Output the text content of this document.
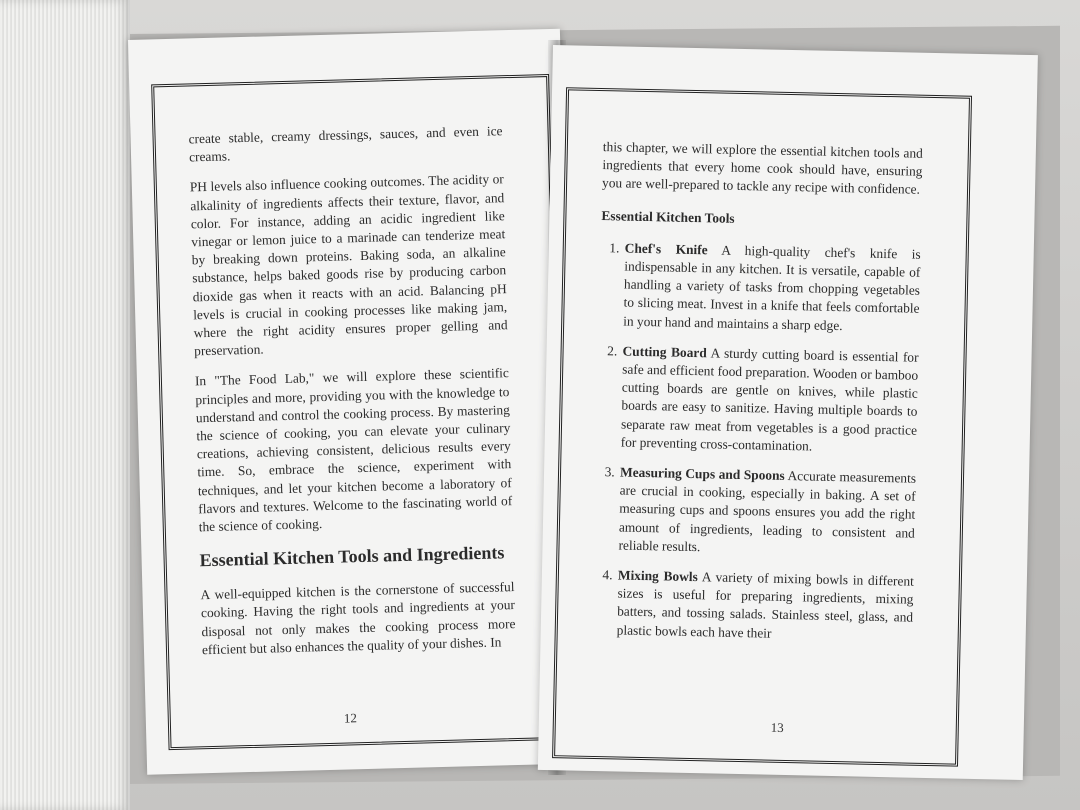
create stable, creamy dressings, sauces, and even ice creams.

PH levels also influence cooking outcomes. The acidity or alkalinity of ingredients affects their texture, flavor, and color. For instance, adding an acidic ingredient like vinegar or lemon juice to a marinade can tenderize meat by breaking down proteins. Baking soda, an alkaline substance, helps baked goods rise by producing carbon dioxide gas when it reacts with an acid. Balancing pH levels is crucial in cooking processes like making jam, where the right acidity ensures proper gelling and preservation.

In "The Food Lab," we will explore these scientific principles and more, providing you with the knowledge to understand and control the cooking process. By mastering the science of cooking, you can elevate your culinary creations, achieving consistent, delicious results every time. So, embrace the science, experiment with techniques, and let your kitchen become a laboratory of flavors and textures. Welcome to the fascinating world of the science of cooking.

Essential Kitchen Tools and Ingredients

A well-equipped kitchen is the cornerstone of successful cooking. Having the right tools and ingredients at your disposal not only makes the cooking process more efficient but also enhances the quality of your dishes. In

12

this chapter, we will explore the essential kitchen tools and ingredients that every home cook should have, ensuring you are well-prepared to tackle any recipe with confidence.

Essential Kitchen Tools
1. Chef's Knife A high-quality chef's knife is indispensable in any kitchen. It is versatile, capable of handling a variety of tasks from chopping vegetables to slicing meat. Invest in a knife that feels comfortable in your hand and maintains a sharp edge.
2. Cutting Board A sturdy cutting board is essential for safe and efficient food preparation. Wooden or bamboo cutting boards are gentle on knives, while plastic boards are easy to sanitize. Having multiple boards to separate raw meat from vegetables is a good practice for preventing cross-contamination.
3. Measuring Cups and Spoons Accurate measurements are crucial in cooking, especially in baking. A set of measuring cups and spoons ensures you add the right amount of ingredients, leading to consistent and reliable results.
4. Mixing Bowls A variety of mixing bowls in different sizes is useful for preparing ingredients, mixing batters, and tossing salads. Stainless steel, glass, and plastic bowls each have their
13
